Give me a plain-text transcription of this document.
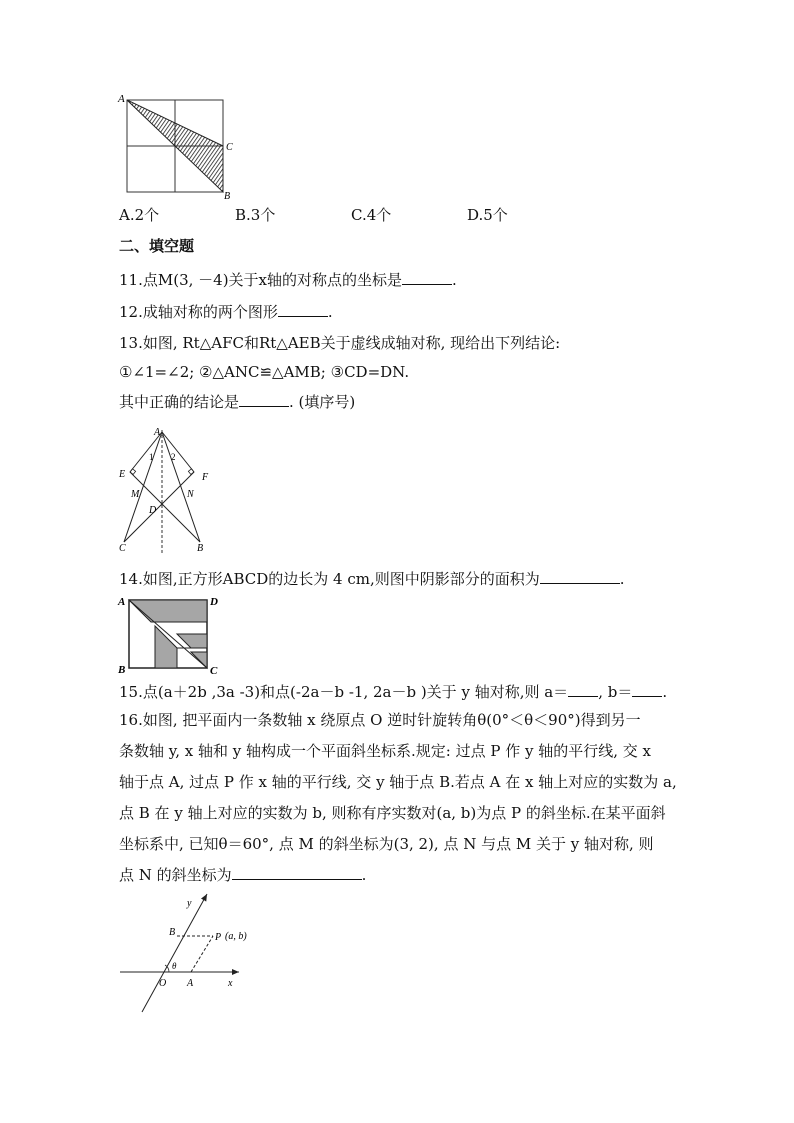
A
C
B
A.2个	B.3个	C.4个	D.5个
二、填空题
11.点M(3, －4)关于x轴的对称点的坐标是	.
12.成轴对称的两个图形	.
13.如图, Rt△AFC和Rt△AEB关于虚线成轴对称, 现给出下列结论:
①∠1=∠2; ②△ANC≌△AMB; ③CD=DN.
其中正确的结论是	. (填序号)
A
1 2
E	F
M	N
D
C	B
14.如图,正方形ABCD的边长为 4 cm,则图中阴影部分的面积为	.
A	D
B	C
15.点(a＋2b ,3a -3)和点(-2a－b -1, 2a－b )关于 y 轴对称,则 a＝ , b＝ .
16.如图, 把平面内一条数轴 x 绕原点 O 逆时针旋转角θ(0°＜θ＜90°)得到另一
条数轴 y, x 轴和 y 轴构成一个平面斜坐标系.规定: 过点 P 作 y 轴的平行线, 交 x
轴于点 A, 过点 P 作 x 轴的平行线, 交 y 轴于点 B.若点 A 在 x 轴上对应的实数为 a,
点 B 在 y 轴上对应的实数为 b, 则称有序实数对(a, b)为点 P 的斜坐标.在某平面斜
坐标系中, 已知θ＝60°, 点 M 的斜坐标为(3, 2), 点 N 与点 M 关于 y 轴对称, 则
点 N 的斜坐标为	.
y
B	P (a, b)
θ
O A	x
